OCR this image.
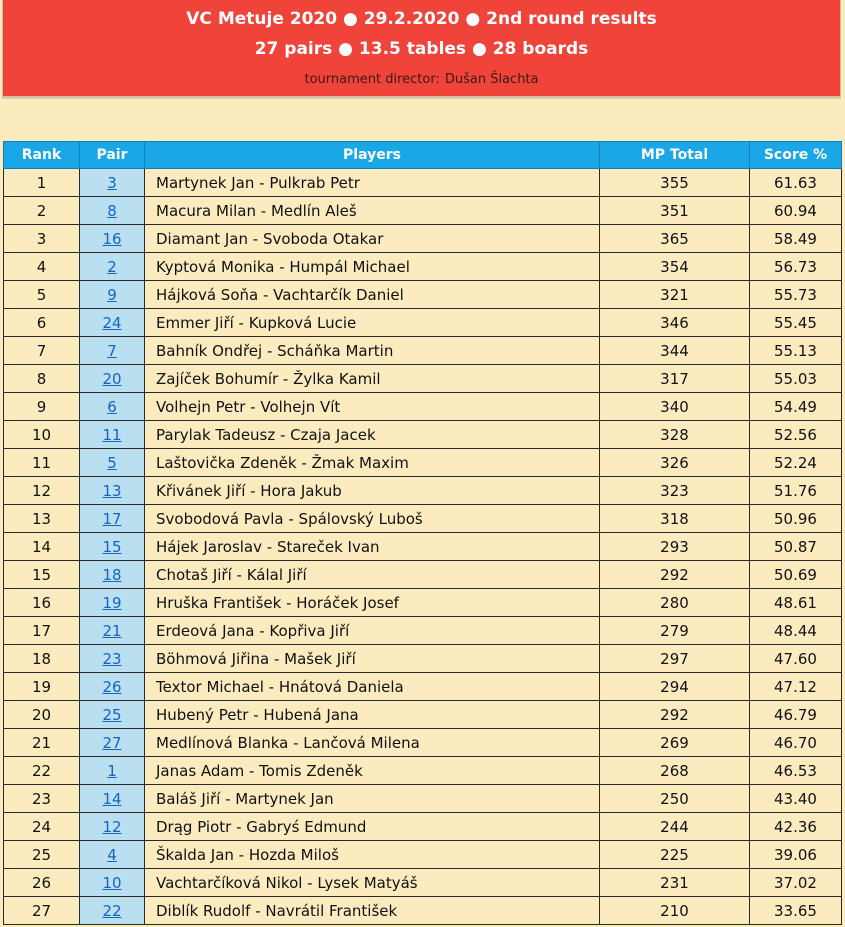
VC Metuje 2020 ● 29.2.2020 ● 2nd round results
27 pairs ● 13.5 tables ● 28 boards
tournament director: Dušan Šlachta
Rank	Pair	Players	MP Total	Score %
1	3	Martynek Jan - Pulkrab Petr	355	61.63
2	8	Macura Milan - Medlín Aleš	351	60.94
3	16	Diamant Jan - Svoboda Otakar	365	58.49
4	2	Kyptová Monika - Humpál Michael	354	56.73
5	9	Hájková Soňa - Vachtarčík Daniel	321	55.73
6	24	Emmer Jiří - Kupková Lucie	346	55.45
7	7	Bahník Ondřej - Scháňka Martin	344	55.13
8	20	Zajíček Bohumír - Žylka Kamil	317	55.03
9	6	Volhejn Petr - Volhejn Vít	340	54.49
10	11	Parylak Tadeusz - Czaja Jacek	328	52.56
11	5	Laštovička Zdeněk - Žmak Maxim	326	52.24
12	13	Křivánek Jiří - Hora Jakub	323	51.76
13	17	Svobodová Pavla - Spálovský Luboš	318	50.96
14	15	Hájek Jaroslav - Stareček Ivan	293	50.87
15	18	Chotaš Jiří - Kálal Jiří	292	50.69
16	19	Hruška František - Horáček Josef	280	48.61
17	21	Erdeová Jana - Kopřiva Jiří	279	48.44
18	23	Böhmová Jiřina - Mašek Jiří	297	47.60
19	26	Textor Michael - Hnátová Daniela	294	47.12
20	25	Hubený Petr - Hubená Jana	292	46.79
21	27	Medlínová Blanka - Lančová Milena	269	46.70
22	1	Janas Adam - Tomis Zdeněk	268	46.53
23	14	Baláš Jiří - Martynek Jan	250	43.40
24	12	Drąg Piotr - Gabryś Edmund	244	42.36
25	4	Škalda Jan - Hozda Miloš	225	39.06
26	10	Vachtarčíková Nikol - Lysek Matyáš	231	37.02
27	22	Diblík Rudolf - Navrátil František	210	33.65
